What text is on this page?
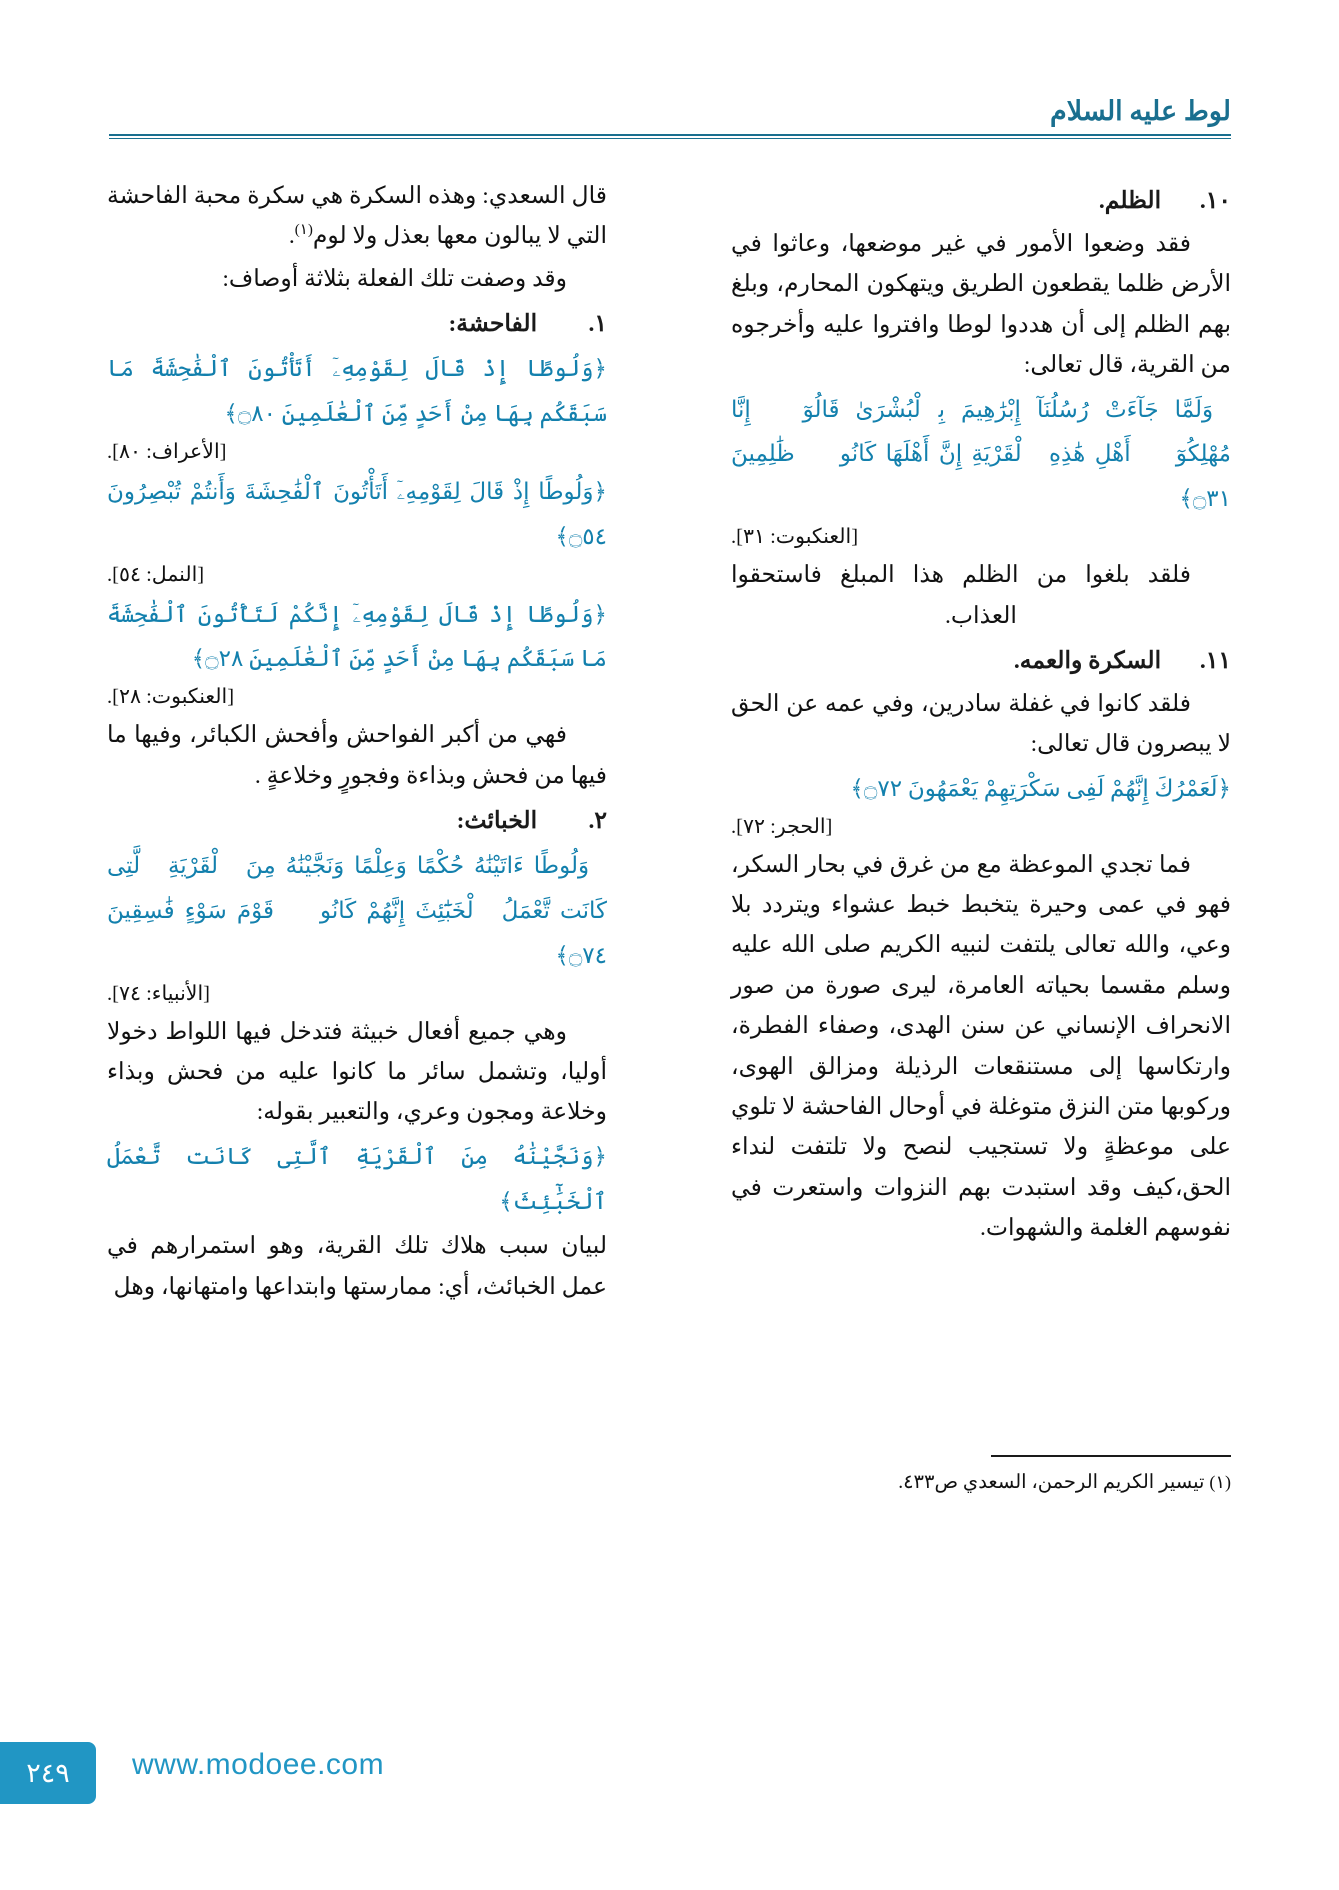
لوط عليه السلام
١٠. الظلم.

فقد وضعوا الأمور في غير موضعها، وعاثوا في الأرض ظلما يقطعون الطريق ويتهكون المحارم، وبلغ بهم الظلم إلى أن هددوا لوطا وافتروا عليه وأخرجوه من القرية، قال تعالى:

﴿وَلَمَّا جَآءَتْ رُسُلُنَآ إِبْرَٰهِيمَ بِٱلْبُشْرَىٰ قَالُوٓا۟ إِنَّا مُهْلِكُوٓا۟ أَهْلِ هَٰذِهِ ٱلْقَرْيَةِ إِنَّ أَهْلَهَا كَانُوا۟ ظَٰلِمِينَ ۝٣١﴾

[العنكبوت: ٣١].

فلقد بلغوا من الظلم هذا المبلغ فاستحقوا العذاب.

١١. السكرة والعمه.

فلقد كانوا في غفلة سادرين، وفي عمه عن الحق لا يبصرون قال تعالى:

﴿لَعَمْرُكَ إِنَّهُمْ لَفِى سَكْرَتِهِمْ يَعْمَهُونَ ۝٧٢﴾

[الحجر: ٧٢].

فما تجدي الموعظة مع من غرق في بحار السكر، فهو في عمى وحيرة يتخبط خبط عشواء ويتردد بلا وعي، والله تعالى يلتفت لنبيه الكريم صلى الله عليه وسلم مقسما بحياته العامرة، ليرى صورة من صور الانحراف الإنساني عن سنن الهدى، وصفاء الفطرة، وارتكاسها إلى مستنقعات الرذيلة ومزالق الهوى، وركوبها متن النزق متوغلة في أوحال الفاحشة لا تلوي على موعظةٍ ولا تستجيب لنصح ولا تلتفت لنداء الحق،كيف وقد استبدت بهم النزوات واستعرت في نفوسهم الغلمة والشهوات.

قال السعدي: وهذه السكرة هي سكرة محبة الفاحشة التي لا يبالون معها بعذل ولا لوم$^{(١)}$.

وقد وصفت تلك الفعلة بثلاثة أوصاف:

١. الفاحشة:

﴿وَلُوطًا إِذْ قَالَ لِقَوْمِهِۦٓ أَتَأْتُونَ ٱلْفَٰحِشَةَ مَا سَبَقَكُم بِهَا مِنْ أَحَدٍ مِّنَ ٱلْعَٰلَمِينَ ۝٨٠﴾

[الأعراف: ٨٠].

﴿وَلُوطًا إِذْ قَالَ لِقَوْمِهِۦٓ أَتَأْتُونَ ٱلْفَٰحِشَةَ وَأَنتُمْ تُبْصِرُونَ ۝٥٤﴾

[النمل: ٥٤].

﴿وَلُوطًا إِذْ قَالَ لِقَوْمِهِۦٓ إِنَّكُمْ لَتَأْتُونَ ٱلْفَٰحِشَةَ مَا سَبَقَكُم بِهَا مِنْ أَحَدٍ مِّنَ ٱلْعَٰلَمِينَ ۝٢٨﴾

[العنكبوت: ٢٨].

فهي من أكبر الفواحش وأفحش الكبائر، وفيها ما فيها من فحش وبذاءة وفجورٍ وخلاعةٍ .

٢. الخبائث:

﴿وَلُوطًا ءَاتَيْنَٰهُ حُكْمًا وَعِلْمًا وَنَجَّيْنَٰهُ مِنَ ٱلْقَرْيَةِ ٱلَّتِى كَانَت تَّعْمَلُ ٱلْخَبَٰٓئِثَ إِنَّهُمْ كَانُوا۟ قَوْمَ سَوْءٍ فَٰسِقِينَ ۝٧٤﴾

[الأنبياء: ٧٤].

وهي جميع أفعال خبيثة فتدخل فيها اللواط دخولا أوليا، وتشمل سائر ما كانوا عليه من فحش وبذاء وخلاعة ومجون وعري، والتعبير بقوله:

﴿وَنَجَّيْنَٰهُ مِنَ ٱلْقَرْيَةِ ٱلَّتِى كَانَت تَّعْمَلُ ٱلْخَبَٰٓئِثَ﴾

لبيان سبب هلاك تلك القرية، وهو استمرارهم في عمل الخبائث، أي: ممارستها وابتداعها وامتهانها، وهل

(١) تيسير الكريم الرحمن، السعدي ص٤٣٣.
٢٤٩	www.modoee.com
